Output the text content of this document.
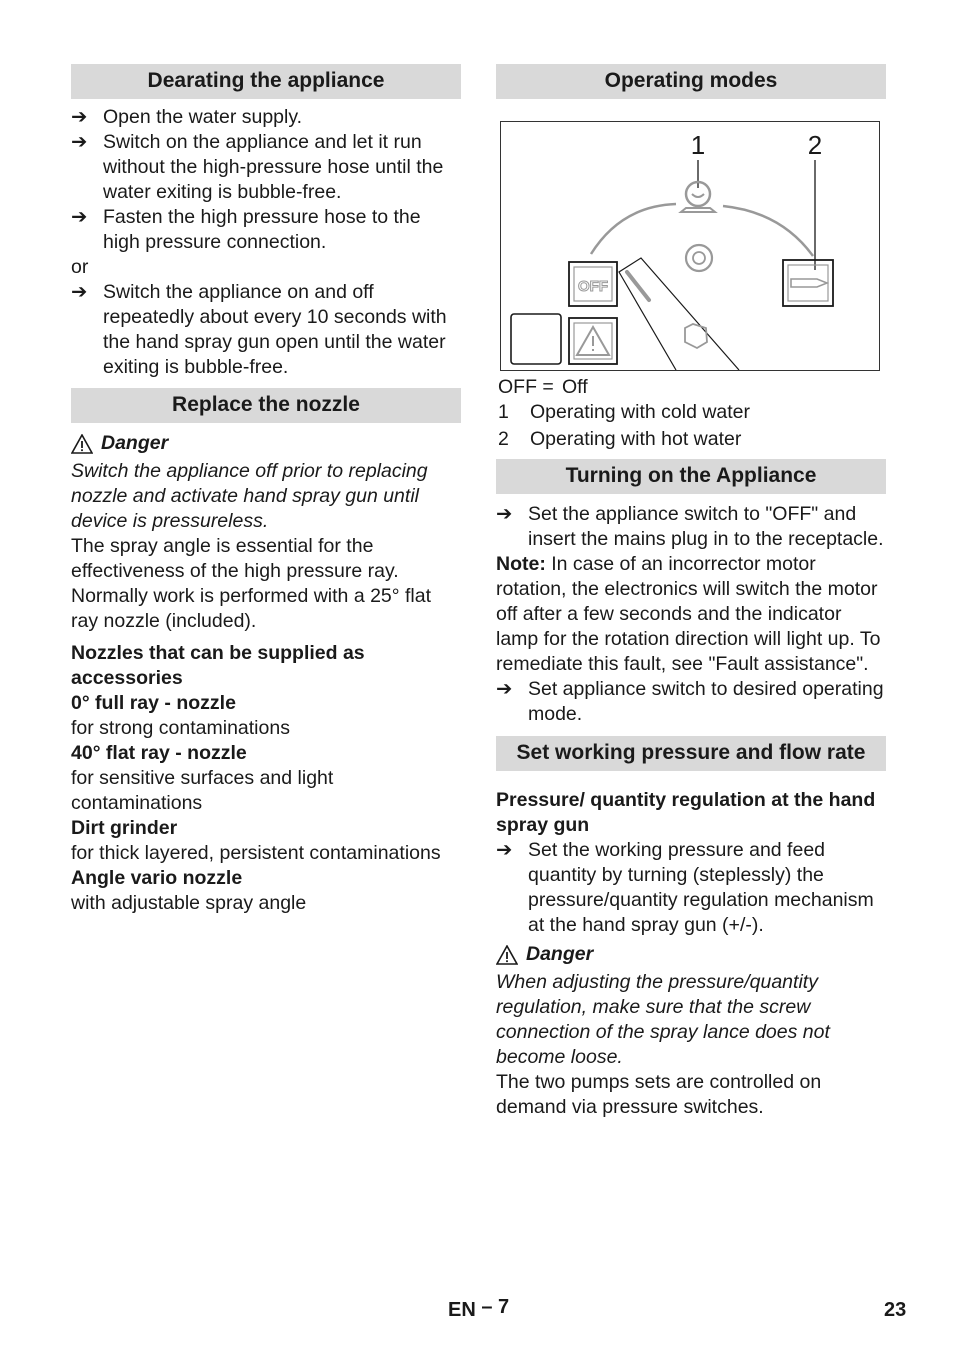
Dearating the appliance
➔ Open the water supply.
➔ Switch on the appliance and let it run without the high-pressure hose until the water exiting is bubble-free.
➔ Fasten the high pressure hose to the high pressure connection.

or

➔ Switch the appliance on and off repeatedly about every 10 seconds with the hand spray gun open until the water exiting is bubble-free.
Replace the nozzle

Danger

Switch the appliance off prior to replacing nozzle and activate hand spray gun until device is pressureless.

The spray angle is essential for the effectiveness of the high pressure ray. Normally work is performed with a 25° flat ray nozzle (included).

Nozzles that can be supplied as accessories

0° full ray - nozzle

for strong contaminations

40° flat ray - nozzle

for sensitive surfaces and light contaminations

Dirt grinder

for thick layered, persistent contaminations

Angle vario nozzle

with adjustable spray angle

Operating modes
1	2
OFF
OFF = Off
1	Operating with cold water
2	Operating with hot water
Turning on the Appliance
➔ Set the appliance switch to "OFF" and insert the mains plug in to the receptacle.

Note: In case of an incorrector motor rotation, the electronics will switch the motor off after a few seconds and the indicator lamp for the rotation direction will light up. To remediate this fault, see "Fault assistance".

➔ Set appliance switch to desired operating mode.
Set working pressure and flow rate

Pressure/ quantity regulation at the hand spray gun

➔ Set the working pressure and feed quantity by turning (steplessly) the pressure/quantity regulation mechanism at the hand spray gun (+/-).

Danger

When adjusting the pressure/quantity regulation, make sure that the screw connection of the spray lance does not become loose.

The two pumps sets are controlled on demand via pressure switches.

EN – 7	23
